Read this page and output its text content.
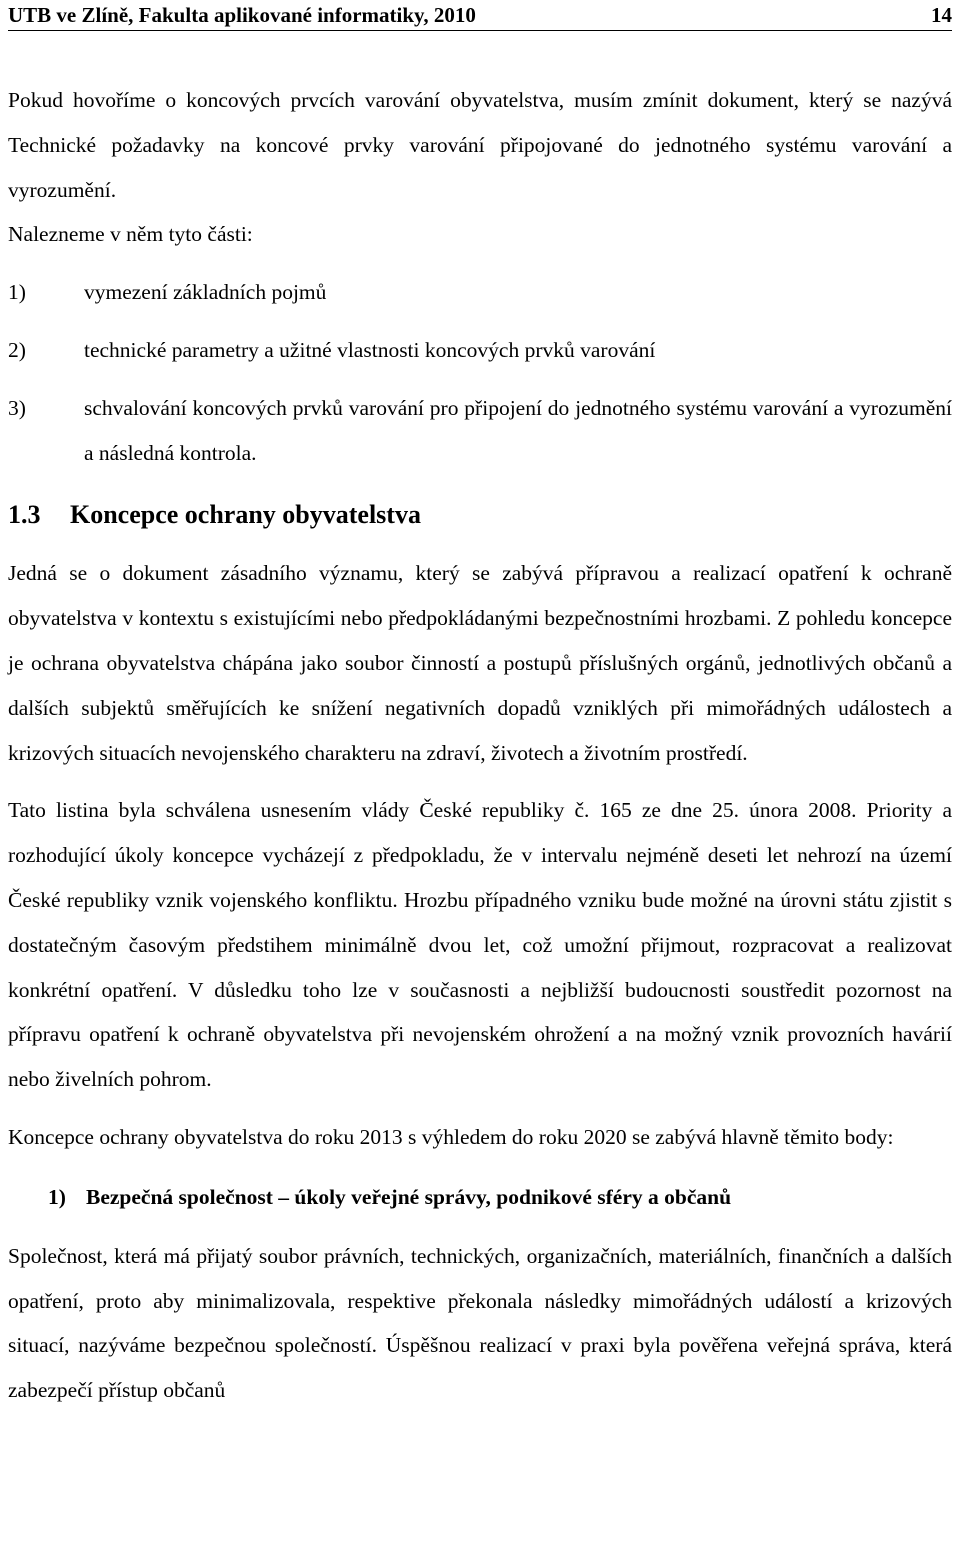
UTB ve Zlíně, Fakulta aplikované informatiky, 2010	14

Pokud hovoříme o koncových prvcích varování obyvatelstva, musím zmínit dokument, který se nazývá Technické požadavky na koncové prvky varování připojované do jednotného systému varování a vyrozumění.

Nalezneme v něm tyto části:

1)	vymezení základních pojmů
2)	technické parametry a užitné vlastnosti koncových prvků varování
3)	schvalování koncových prvků varování pro připojení do jednotného systému varování a vyrozumění a následná kontrola.
1.3 Koncepce ochrany obyvatelstva

Jedná se o dokument zásadního významu, který se zabývá přípravou a realizací opatření k ochraně obyvatelstva v kontextu s existujícími nebo předpokládanými bezpečnostními hrozbami. Z pohledu koncepce je ochrana obyvatelstva chápána jako soubor činností a postupů příslušných orgánů, jednotlivých občanů a dalších subjektů směřujících ke snížení negativních dopadů vzniklých při mimořádných událostech a krizových situacích nevojenského charakteru na zdraví, životech a životním prostředí.

Tato listina byla schválena usnesením vlády České republiky č. 165 ze dne 25. února 2008. Priority a rozhodující úkoly koncepce vycházejí z předpokladu, že v intervalu nejméně deseti let nehrozí na území České republiky vznik vojenského konfliktu. Hrozbu případného vzniku bude možné na úrovni státu zjistit s dostatečným časovým předstihem minimálně dvou let, což umožní přijmout, rozpracovat a realizovat konkrétní opatření. V důsledku toho lze v současnosti a nejbližší budoucnosti soustředit pozornost na přípravu opatření k ochraně obyvatelstva při nevojenském ohrožení a na možný vznik provozních havárií nebo živelních pohrom.

Koncepce ochrany obyvatelstva do roku 2013 s výhledem do roku 2020 se zabývá hlavně těmito body:

1) Bezpečná společnost – úkoly veřejné správy, podnikové sféry a občanů

Společnost, která má přijatý soubor právních, technických, organizačních, materiálních, finančních a dalších opatření, proto aby minimalizovala, respektive překonala následky mimořádných událostí a krizových situací, nazýváme bezpečnou společností. Úspěšnou realizací v praxi byla pověřena veřejná správa, která zabezpečí přístup občanů
